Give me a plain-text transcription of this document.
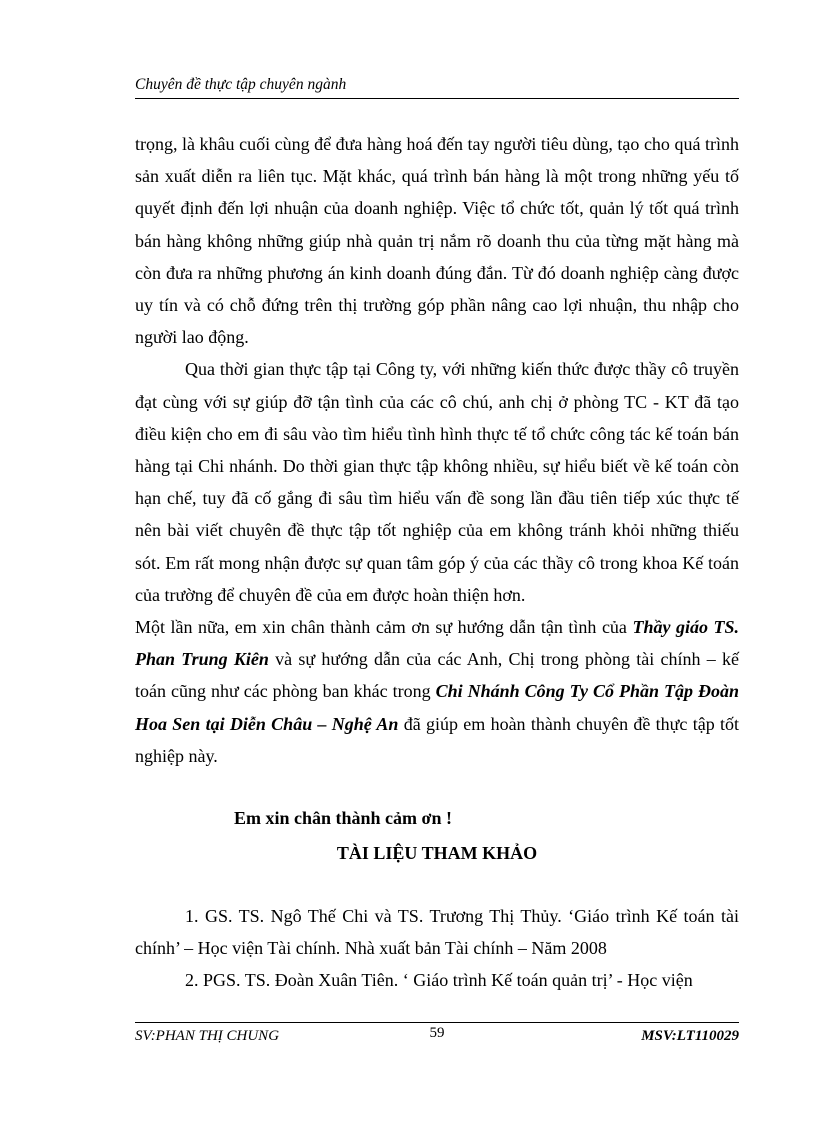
Chuyên đề thực tập chuyên ngành

trọng, là khâu cuối cùng để đưa hàng hoá đến tay người tiêu dùng, tạo cho quá trình sản xuất diễn ra liên tục. Mặt khác, quá trình bán hàng là một trong những yếu tố quyết định đến lợi nhuận của doanh nghiệp. Việc tổ chức tốt, quản lý tốt quá trình bán hàng không những giúp nhà quản trị nắm rõ doanh thu của từng mặt hàng mà còn đưa ra những phương án kinh doanh đúng đắn. Từ đó doanh nghiệp càng được uy tín và có chỗ đứng trên thị trường góp phần nâng cao lợi nhuận, thu nhập cho người lao động.

Qua thời gian thực tập tại Công ty, với những kiến thức được thầy cô truyền đạt cùng với sự giúp đỡ tận tình của các cô chú, anh chị ở phòng TC - KT đã tạo điều kiện cho em đi sâu vào tìm hiểu tình hình thực tế tổ chức công tác kế toán bán hàng tại Chi nhánh. Do thời gian thực tập không nhiều, sự hiểu biết về kế toán còn hạn chế, tuy đã cố gắng đi sâu tìm hiểu vấn đề song lần đầu tiên tiếp xúc thực tế nên bài viết chuyên đề thực tập tốt nghiệp của em không tránh khỏi những thiếu sót. Em rất mong nhận được sự quan tâm góp ý của các thầy cô trong khoa Kế toán của trường để chuyên đề của em được hoàn thiện hơn.

Một lần nữa, em xin chân thành cảm ơn sự hướng dẫn tận tình của Thầy giáo TS. Phan Trung Kiên và sự hướng dẫn của các Anh, Chị trong phòng tài chính – kế toán cũng như các phòng ban khác trong Chi Nhánh Công Ty Cổ Phần Tập Đoàn Hoa Sen tại Diễn Châu – Nghệ An đã giúp em hoàn thành chuyên đề thực tập tốt nghiệp này.

Em xin chân thành cảm ơn !
TÀI LIỆU THAM KHẢO

1. GS. TS. Ngô Thế Chi và TS. Trương Thị Thủy. ‘Giáo trình Kế toán tài chính’ – Học viện Tài chính. Nhà xuất bản Tài chính – Năm 2008

2. PGS. TS. Đoàn Xuân Tiên. ‘ Giáo trình Kế toán quản trị’ - Học viện

SV:PHAN THỊ CHUNG	59	MSV:LT110029
